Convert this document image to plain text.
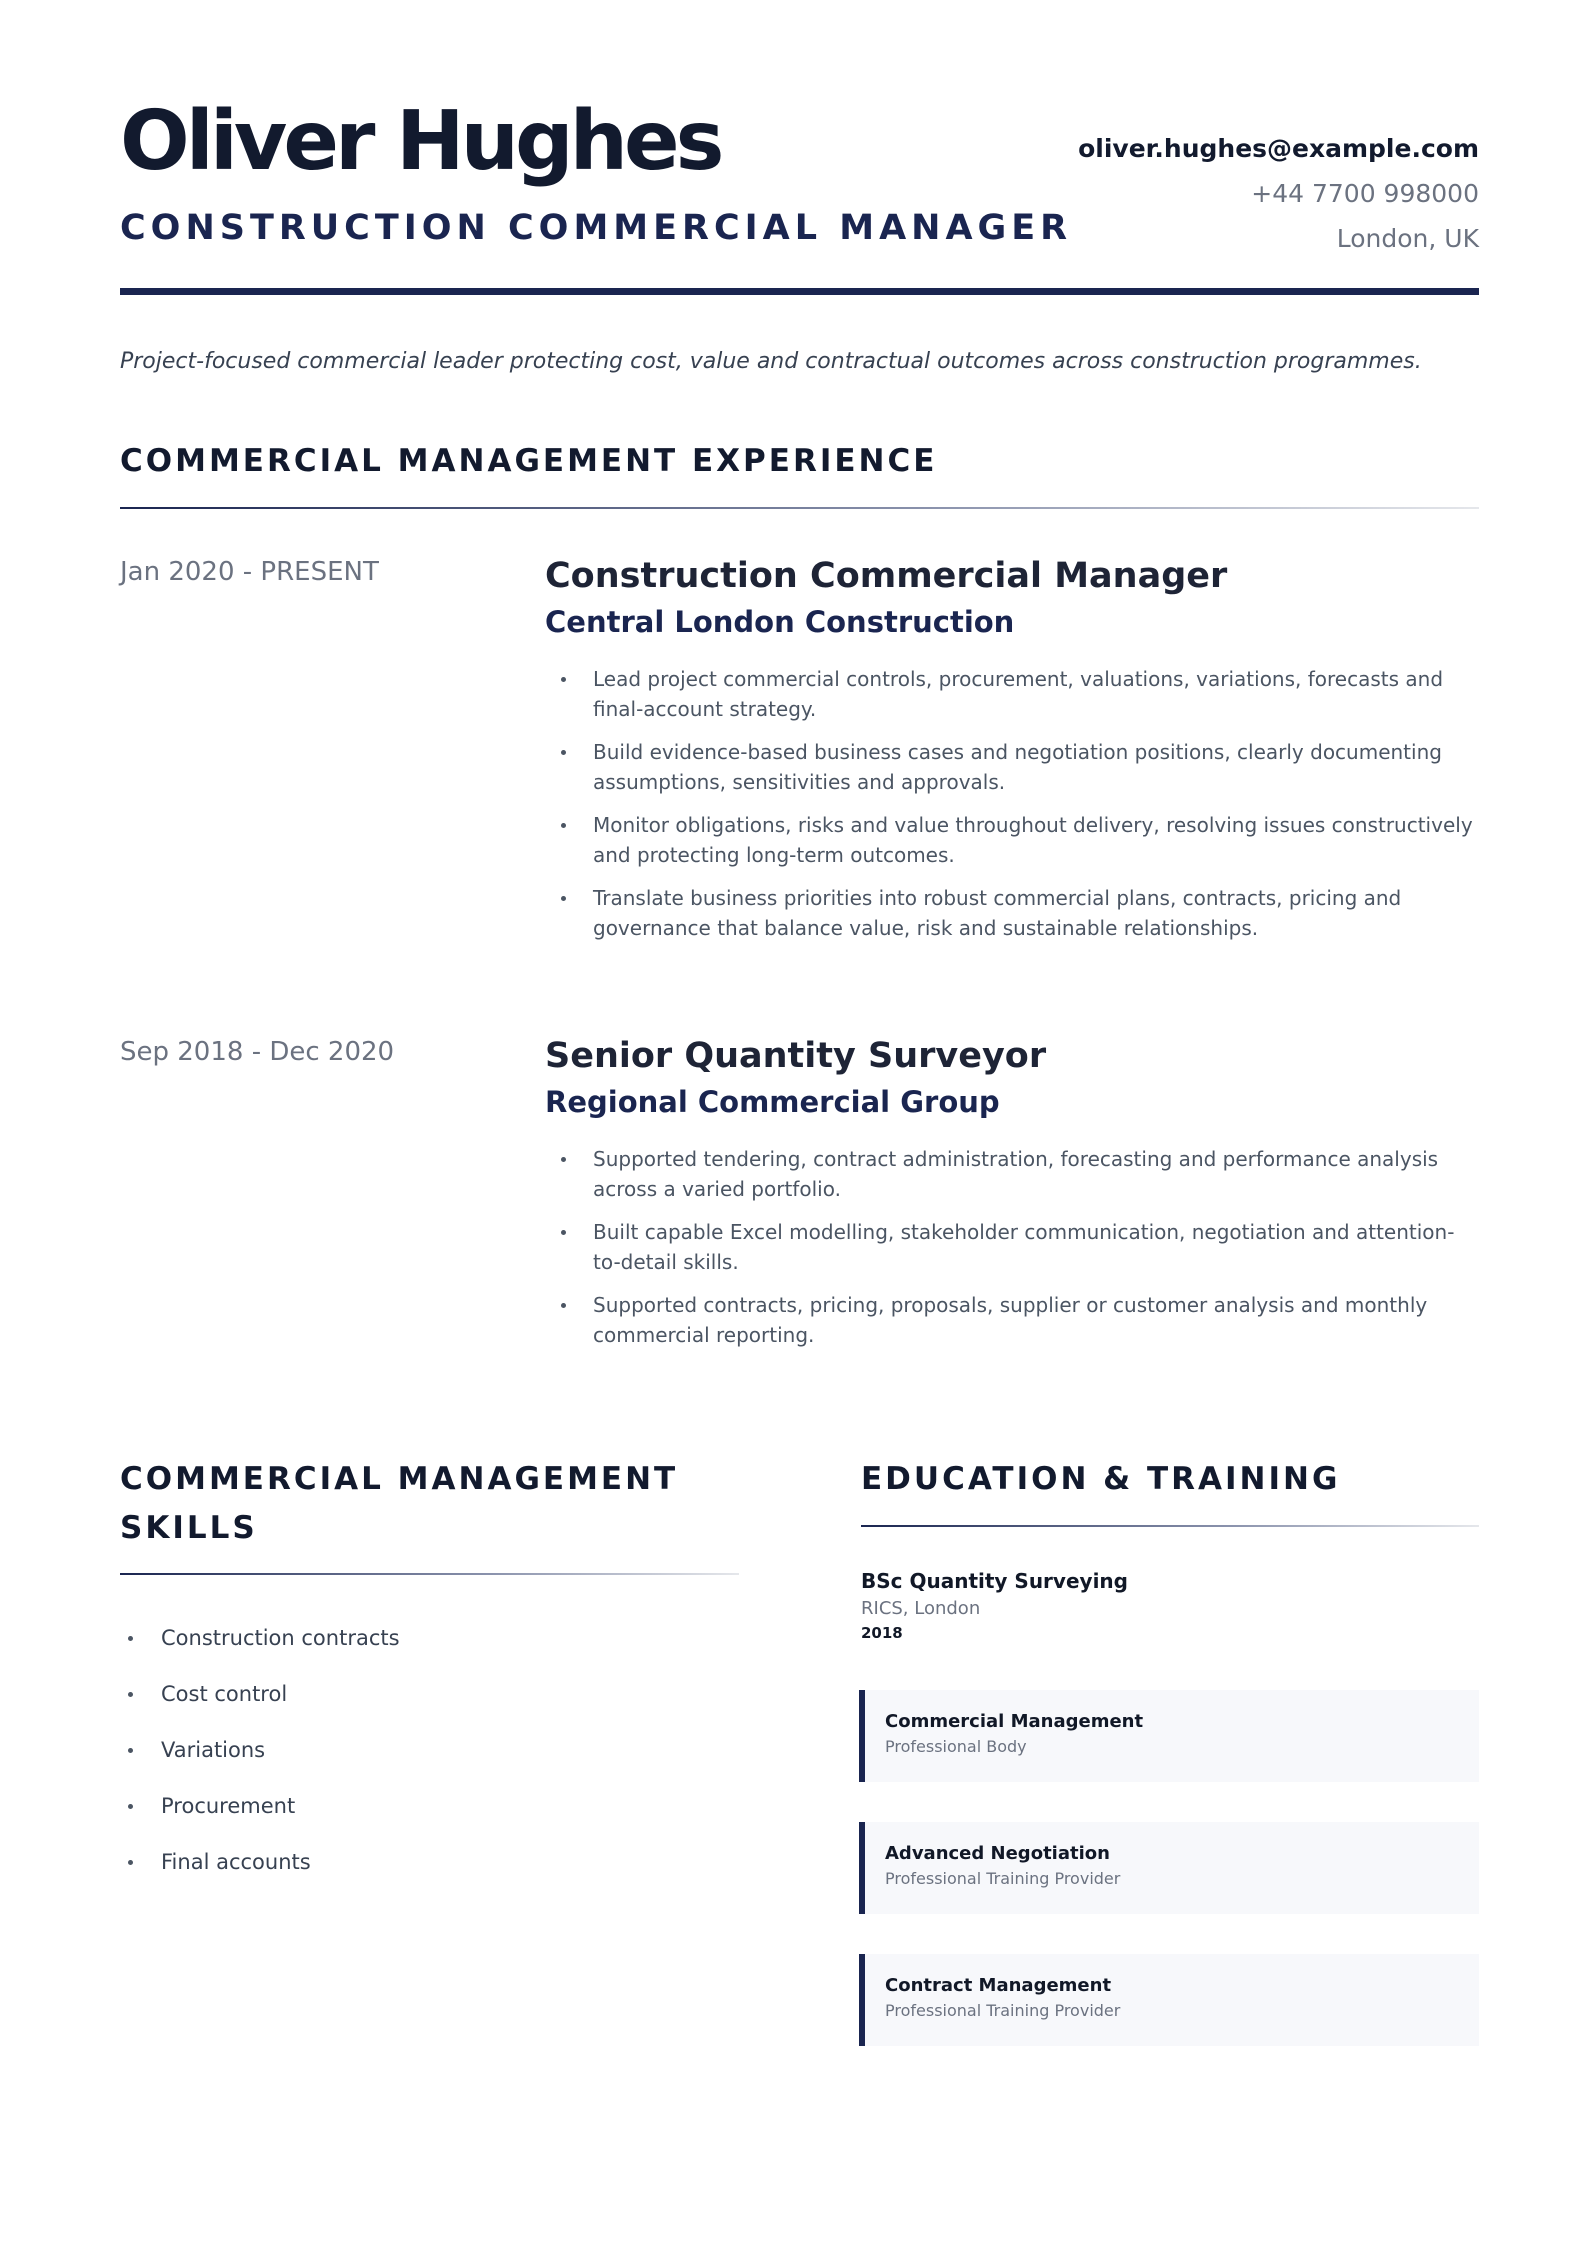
Oliver Hughes
CONSTRUCTION COMMERCIAL MANAGER
oliver.hughes@example.com
+44 7700 998000
London, UK

Project-focused commercial leader protecting cost, value and contractual outcomes across construction programmes.

COMMERCIAL MANAGEMENT EXPERIENCE
Jan 2020 - PRESENT	Construction Commercial Manager
Central London Construction
Lead project commercial controls, procurement, valuations, variations, forecasts and final-account strategy.
Build evidence-based business cases and negotiation positions, clearly documenting assumptions, sensitivities and approvals.
Monitor obligations, risks and value throughout delivery, resolving issues constructively and protecting long-term outcomes.
Translate business priorities into robust commercial plans, contracts, pricing and governance that balance value, risk and sustainable relationships.
Sep 2018 - Dec 2020	Senior Quantity Surveyor
Regional Commercial Group
Supported tendering, contract administration, forecasting and performance analysis across a varied portfolio.
Built capable Excel modelling, stakeholder communication, negotiation and attention-to-detail skills.
Supported contracts, pricing, proposals, supplier or customer analysis and monthly commercial reporting.
COMMERCIAL MANAGEMENT
SKILLS
Construction contracts
Cost control
Variations
Procurement
Final accounts
EDUCATION & TRAINING
BSc Quantity Surveying
RICS, London
2018
Commercial Management
Professional Body
Advanced Negotiation
Professional Training Provider
Contract Management
Professional Training Provider
